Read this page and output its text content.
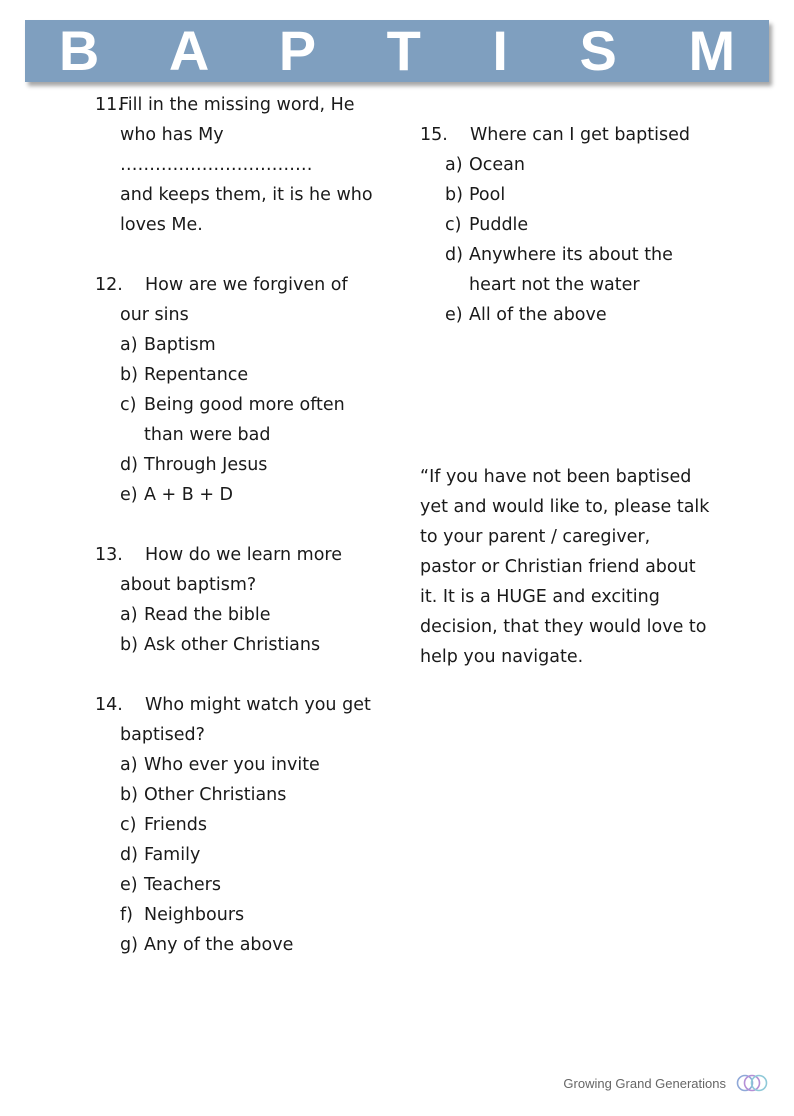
B A P T I S M
11.
Fill in the missing word, He
who has My ……………………………
and keeps them, it is he who
loves Me.
12.	How are we forgiven of
our sins
a) Baptism
b) Repentance
c) Being good more often than were bad
d) Through Jesus
e) A + B + D
13.	How do we learn more
about baptism?
a) Read the bible
b) Ask other Christians
14.	Who might watch you get
baptised?
a) Who ever you invite
b) Other Christians
c) Friends
d) Family
e) Teachers
f) Neighbours
g) Any of the above
15.	Where can I get baptised
a) Ocean
b) Pool
c) Puddle
d) Anywhere its about the heart not the water
e) All of the above
“If you have not been baptised yet and would like to, please talk to your parent / caregiver, pastor or Christian friend about it. It is a HUGE and exciting decision, that they would love to help you navigate.
Growing Grand Generations
